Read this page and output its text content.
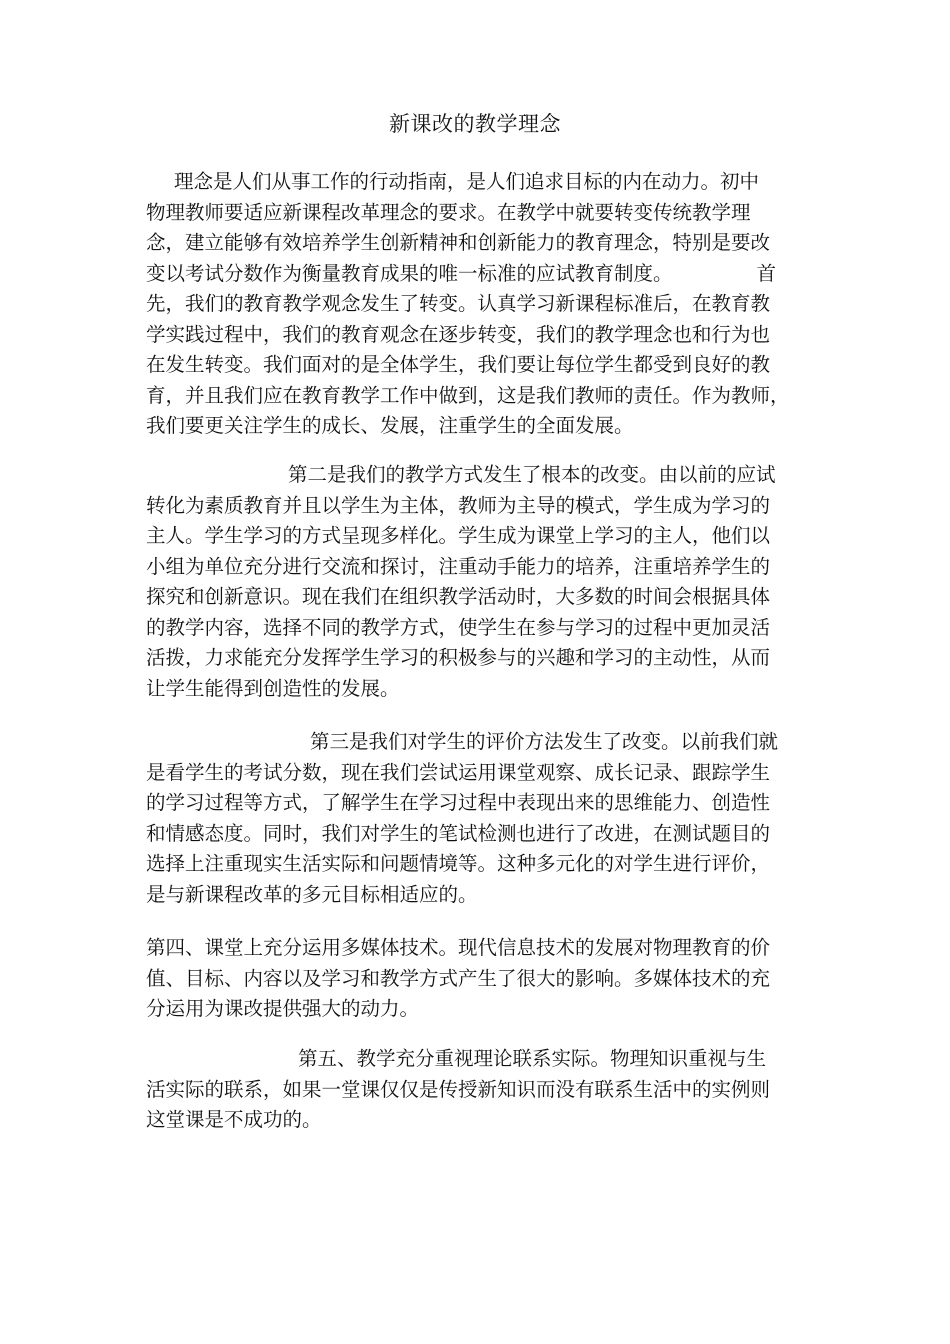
新课改的教学理念
理念是人们从事工作的行动指南，是人们追求目标的内在动力。初中
物理教师要适应新课程改革理念的要求。在教学中就要转变传统教学理
念，建立能够有效培养学生创新精神和创新能力的教育理念，特别是要改
变以考试分数作为衡量教育成果的唯一标准的应试教育制度。	首
先，我们的教育教学观念发生了转变。认真学习新课程标准后，在教育教
学实践过程中，我们的教育观念在逐步转变，我们的教学理念也和行为也
在发生转变。我们面对的是全体学生，我们要让每位学生都受到良好的教
育，并且我们应在教育教学工作中做到，这是我们教师的责任。作为教师，
我们要更关注学生的成长、发展，注重学生的全面发展。
第二是我们的教学方式发生了根本的改变。由以前的应试
转化为素质教育并且以学生为主体，教师为主导的模式，学生成为学习的
主人。学生学习的方式呈现多样化。学生成为课堂上学习的主人，他们以
小组为单位充分进行交流和探讨，注重动手能力的培养，注重培养学生的
探究和创新意识。现在我们在组织教学活动时，大多数的时间会根据具体
的教学内容，选择不同的教学方式，使学生在参与学习的过程中更加灵活
活拨，力求能充分发挥学生学习的积极参与的兴趣和学习的主动性，从而
让学生能得到创造性的发展。
第三是我们对学生的评价方法发生了改变。以前我们就
是看学生的考试分数，现在我们尝试运用课堂观察、成长记录、跟踪学生
的学习过程等方式，了解学生在学习过程中表现出来的思维能力、创造性
和情感态度。同时，我们对学生的笔试检测也进行了改进，在测试题目的
选择上注重现实生活实际和问题情境等。这种多元化的对学生进行评价，
是与新课程改革的多元目标相适应的。
第四、课堂上充分运用多媒体技术。现代信息技术的发展对物理教育的价
值、目标、内容以及学习和教学方式产生了很大的影响。多媒体技术的充
分运用为课改提供强大的动力。
第五、教学充分重视理论联系实际。物理知识重视与生
活实际的联系，如果一堂课仅仅是传授新知识而没有联系生活中的实例则
这堂课是不成功的。
